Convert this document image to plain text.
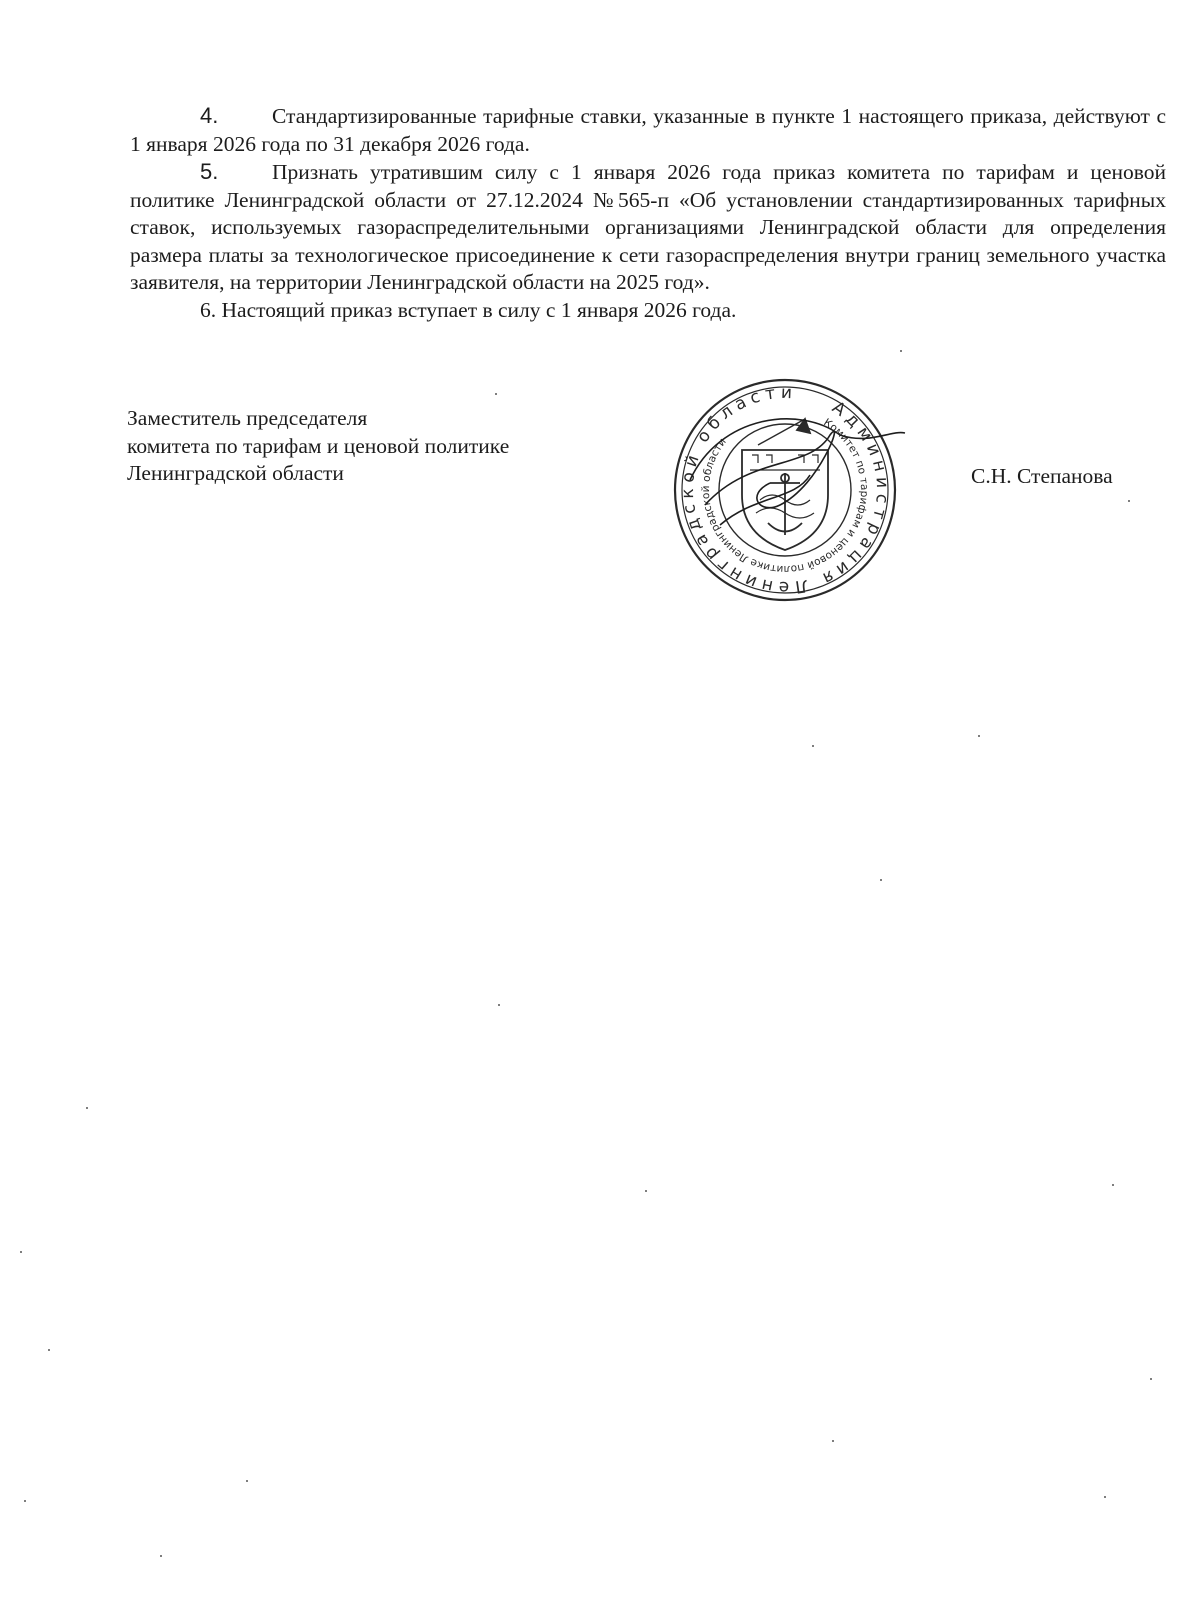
4. Стандартизированные тарифные ставки, указанные в пункте 1 настоящего приказа, действуют с 1 января 2026 года по 31 декабря 2026 года.

5. Признать утратившим силу с 1 января 2026 года приказ комитета по тарифам и ценовой политике Ленинградской области от 27.12.2024 №565-п «Об установлении стандартизированных тарифных ставок, используемых газораспределительными организациями Ленинградской области для определения размера платы за технологическое присоединение к сети газораспределения внутри границ земельного участка заявителя, на территории Ленинградской области на 2025 год».

6. Настоящий приказ вступает в силу с 1 января 2026 года.

Заместитель председателя
комитета по тарифам и ценовой политике
Ленинградской области	С.Н. Степанова
Администрация Ленинградской области
Комитет по тарифам и ценовой политике Ленинградской области
